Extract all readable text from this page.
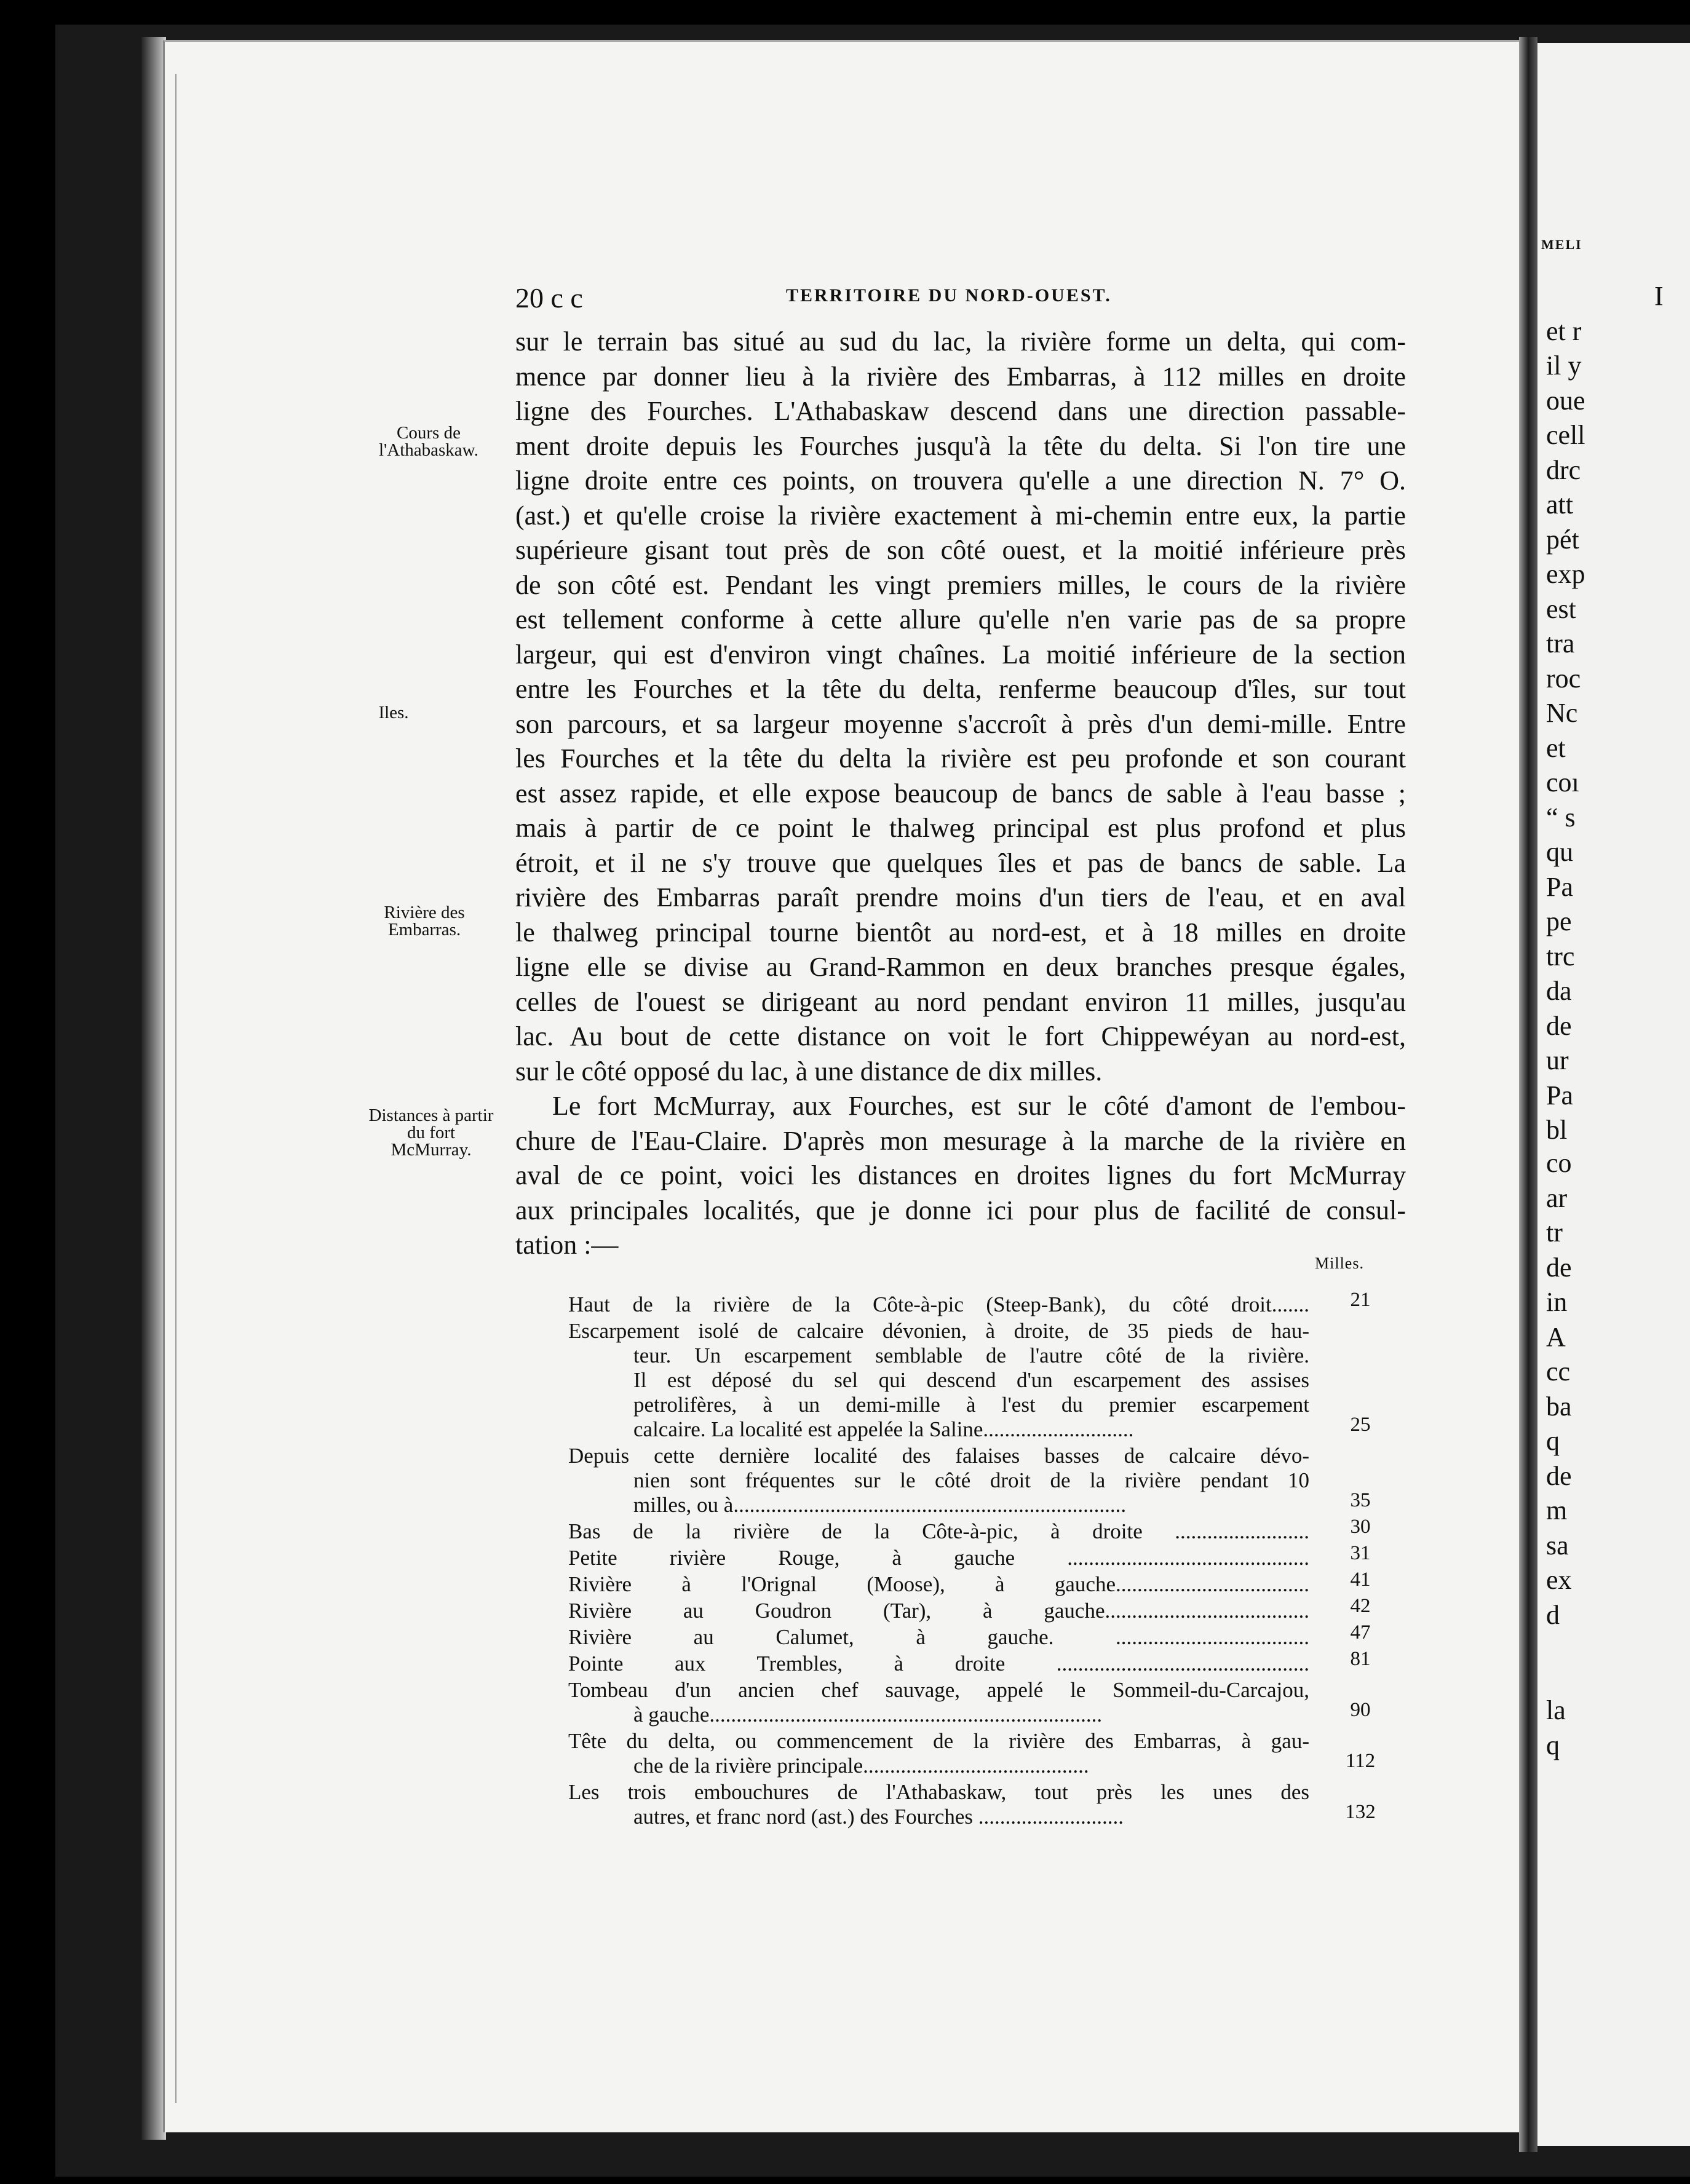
MELI
I
et r
il y
oue
cell
drc
att
pét
exp
est
tra
roc
Nc
et
coı
“ s
qu
Pa
pe
trc
da
de
ur
Pa
bl
co
ar
tr
de
in
A
cc
ba
q
de
m
sa
ex
d
la
q
20 c c	TERRITOIRE DU NORD-OUEST.
sur le terrain bas situé au sud du lac, la rivière forme un delta, qui com-
mence par donner lieu à la rivière des Embarras, à 112 milles en droite
ligne des Fourches. L'Athabaskaw descend dans une direction passable-
ment droite depuis les Fourches jusqu'à la tête du delta. Si l'on tire une
ligne droite entre ces points, on trouvera qu'elle a une direction N. 7° O.
(ast.) et qu'elle croise la rivière exactement à mi-chemin entre eux, la partie
supérieure gisant tout près de son côté ouest, et la moitié inférieure près
de son côté est. Pendant les vingt premiers milles, le cours de la rivière
est tellement conforme à cette allure qu'elle n'en varie pas de sa propre
largeur, qui est d'environ vingt chaînes. La moitié inférieure de la section
entre les Fourches et la tête du delta, renferme beaucoup d'îles, sur tout
son parcours, et sa largeur moyenne s'accroît à près d'un demi-mille. Entre
les Fourches et la tête du delta la rivière est peu profonde et son courant
est assez rapide, et elle expose beaucoup de bancs de sable à l'eau basse ;
mais à partir de ce point le thalweg principal est plus profond et plus
étroit, et il ne s'y trouve que quelques îles et pas de bancs de sable. La
rivière des Embarras paraît prendre moins d'un tiers de l'eau, et en aval
le thalweg principal tourne bientôt au nord-est, et à 18 milles en droite
ligne elle se divise au Grand-Rammon en deux branches presque égales,
celles de l'ouest se dirigeant au nord pendant environ 11 milles, jusqu'au
lac. Au bout de cette distance on voit le fort Chippewéyan au nord-est,
sur le côté opposé du lac, à une distance de dix milles.
Le fort McMurray, aux Fourches, est sur le côté d'amont de l'embou-
chure de l'Eau-Claire. D'après mon mesurage à la marche de la rivière en
aval de ce point, voici les distances en droites lignes du fort McMurray
aux principales localités, que je donne ici pour plus de facilité de consul-
tation :—
Cours de l'Athabaskaw.
Iles.
Rivière des Embarras.
Distances à partir du fort McMurray.
Milles.
Haut de la rivière de la Côte-à-pic (Steep-Bank), du côté droit.......	21
Escarpement isolé de calcaire dévonien, à droite, de 35 pieds de hau-
teur. Un escarpement semblable de l'autre côté de la rivière.
Il est déposé du sel qui descend d'un escarpement des assises
petrolifères, à un demi-mille à l'est du premier escarpement
calcaire. La localité est appelée la Saline............................	25
Depuis cette dernière localité des falaises basses de calcaire dévo-
nien sont fréquentes sur le côté droit de la rivière pendant 10
milles, ou à.........................................................................	35
Bas de la rivière de la Côte-à-pic, à droite .........................	30
Petite rivière Rouge, à gauche .............................................	31
Rivière à l'Orignal (Moose), à gauche....................................	41
Rivière au Goudron (Tar), à gauche......................................	42
Rivière au Calumet, à gauche. ....................................	47
Pointe aux Trembles, à droite ...............................................	81
Tombeau d'un ancien chef sauvage, appelé le Sommeil-du-Carcajou,
à gauche.........................................................................	90
Tête du delta, ou commencement de la rivière des Embarras, à gau-
che de la rivière principale..........................................	112
Les trois embouchures de l'Athabaskaw, tout près les unes des
autres, et franc nord (ast.) des Fourches ...........................	132
